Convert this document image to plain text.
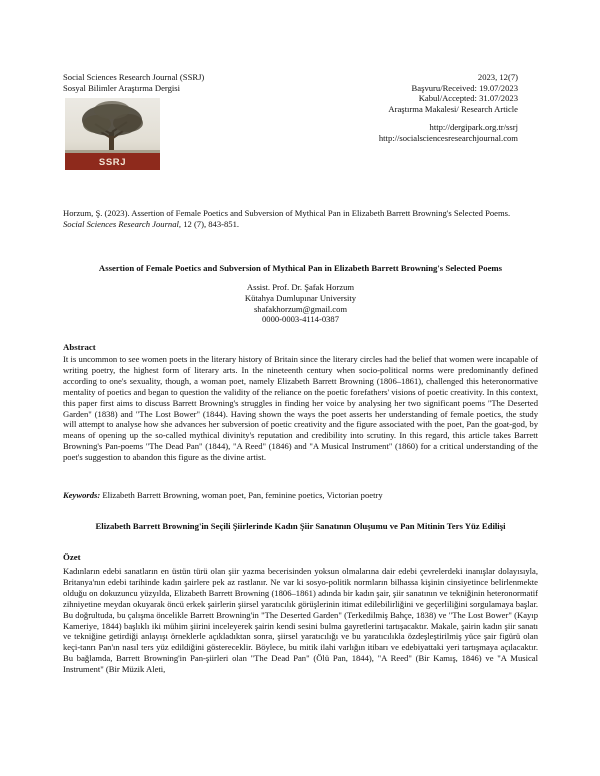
Social Sciences Research Journal (SSRJ)
Sosyal Bilimler Araştırma Dergisi
2023, 12(7)
Başvuru/Received: 19.07/2023
Kabul/Accepted: 31.07/2023
Araştırma Makalesi/ Research Article
http://dergipark.org.tr/ssrj
http://socialsciencesresearchjournal.com
SSRJ
Horzum, Ş. (2023). Assertion of Female Poetics and Subversion of Mythical Pan in Elizabeth Barrett Browning's Selected Poems. Social Sciences Research Journal, 12 (7), 843-851.
Assertion of Female Poetics and Subversion of Mythical Pan in Elizabeth Barrett Browning's Selected Poems
Assist. Prof. Dr. Şafak Horzum
Kütahya Dumlupınar University
shafakhorzum@gmail.com
0000-0003-4114-0387
Abstract
It is uncommon to see women poets in the literary history of Britain since the literary circles had the belief that women were incapable of writing poetry, the highest form of literary arts. In the nineteenth century when socio-political norms were predominantly defined according to one's sexuality, though, a woman poet, namely Elizabeth Barrett Browning (1806–1861), challenged this heteronormative mentality of poetics and began to question the validity of the reliance on the poetic forefathers' visions of poetic creativity. In this context, this paper first aims to discuss Barrett Browning's struggles in finding her voice by analysing her two significant poems "The Deserted Garden" (1838) and "The Lost Bower" (1844). Having shown the ways the poet asserts her understanding of female poetics, the study will attempt to analyse how she advances her subversion of poetic creativity and the figure associated with the poet, Pan the goat-god, by means of opening up the so-called mythical divinity's reputation and credibility into scrutiny. In this regard, this article takes Barrett Browning's Pan-poems "The Dead Pan" (1844), "A Reed" (1846) and "A Musical Instrument" (1860) for a critical understanding of the poet's suggestion to abandon this figure as the divine artist.
Keywords: Elizabeth Barrett Browning, woman poet, Pan, feminine poetics, Victorian poetry
Elizabeth Barrett Browning'in Seçili Şiirlerinde Kadın Şiir Sanatının Oluşumu ve Pan Mitinin Ters Yüz Edilişi
Özet
Kadınların edebi sanatların en üstün türü olan şiir yazma becerisinden yoksun olmalarına dair edebi çevrelerdeki inanışlar dolayısıyla, Britanya'nın edebi tarihinde kadın şairlere pek az rastlanır. Ne var ki sosyo-politik normların bilhassa kişinin cinsiyetince belirlenmekte olduğu on dokuzuncu yüzyılda, Elizabeth Barrett Browning (1806–1861) adında bir kadın şair, şiir sanatının ve tekniğinin heteronormatif zihniyetine meydan okuyarak öncü erkek şairlerin şiirsel yaratıcılık görüşlerinin itimat edilebilirliğini ve geçerliliğini sorgulamaya başlar. Bu doğrultuda, bu çalışma öncelikle Barrett Browning'in "The Deserted Garden" (Terkedilmiş Bahçe, 1838) ve "The Lost Bower" (Kayıp Kameriye, 1844) başlıklı iki mühim şiirini inceleyerek şairin kendi sesini bulma gayretlerini tartışacaktır. Makale, şairin kadın şiir sanatı ve tekniğine getirdiği anlayışı örneklerle açıkladıktan sonra, şiirsel yaratıcılığı ve bu yaratıcılıkla özdeşleştirilmiş yüce şair figürü olan keçi-tanrı Pan'ın nasıl ters yüz edildiğini göstereceklir. Böylece, bu mitik ilahi varlığın itibarı ve edebiyattaki yeri tartışmaya açılacaktır. Bu bağlamda, Barrett Browning'in Pan-şiirleri olan "The Dead Pan" (Ölü Pan, 1844), "A Reed" (Bir Kamış, 1846) ve "A Musical Instrument" (Bir Müzik Aleti,
